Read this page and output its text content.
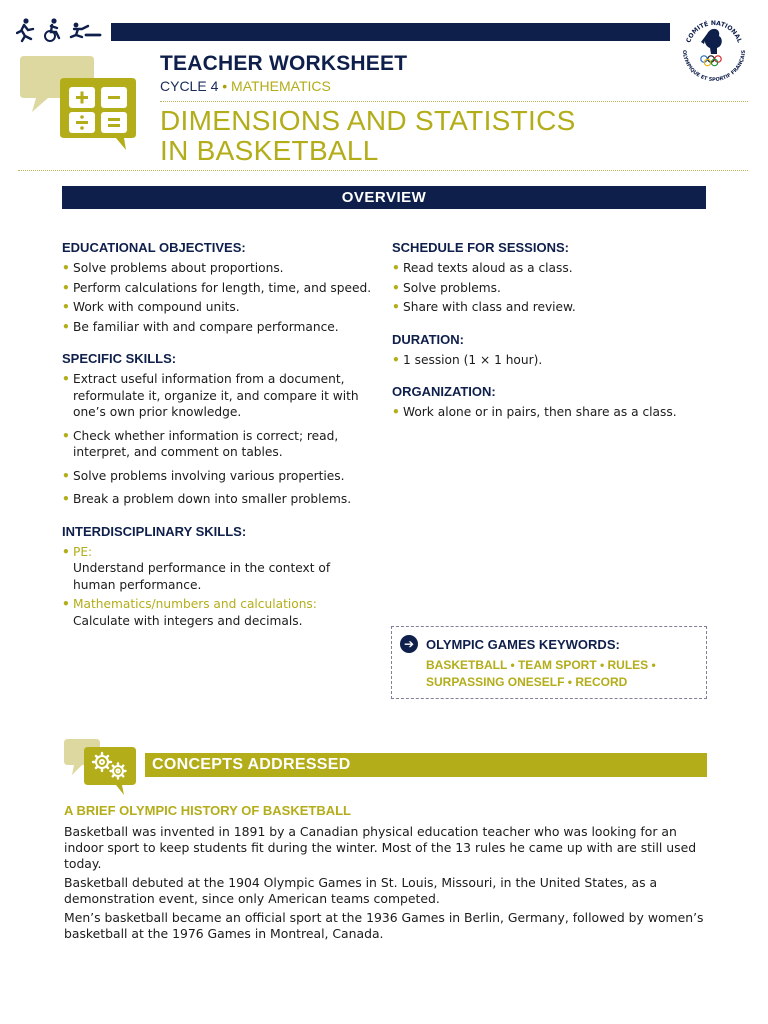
COMITÉ NATIONAL
OLYMPIQUE ET SPORTIF FRANÇAIS
TEACHER WORKSHEET
CYCLE 4 • MATHEMATICS
DIMENSIONS AND STATISTICS
IN BASKETBALL
OVERVIEW
EDUCATIONAL OBJECTIVES:
• Solve problems about proportions.
• Perform calculations for length, time, and speed.
• Work with compound units.
• Be familiar with and compare performance.
SPECIFIC SKILLS:
• Extract useful information from a document, reformulate it, organize it, and compare it with one’s own prior knowledge.
• Check whether information is correct; read, interpret, and comment on tables.
• Solve problems involving various properties.
• Break a problem down into smaller problems.
INTERDISCIPLINARY SKILLS:
• PE:
Understand performance in the context of human performance.
• Mathematics/numbers and calculations:
Calculate with integers and decimals.
SCHEDULE FOR SESSIONS:
• Read texts aloud as a class.
• Solve problems.
• Share with class and review.
DURATION:
• 1 session (1 × 1 hour).
ORGANIZATION:
• Work alone or in pairs, then share as a class.
➔ OLYMPIC GAMES KEYWORDS:
BASKETBALL • TEAM SPORT • RULES •
SURPASSING ONESELF • RECORD
CONCEPTS ADDRESSED
A BRIEF OLYMPIC HISTORY OF BASKETBALL

Basketball was invented in 1891 by a Canadian physical education teacher who was looking for an indoor sport to keep students fit during the winter. Most of the 13 rules he came up with are still used today.

Basketball debuted at the 1904 Olympic Games in St. Louis, Missouri, in the United States, as a demonstration event, since only American teams competed.

Men’s basketball became an official sport at the 1936 Games in Berlin, Germany, followed by women’s basketball at the 1976 Games in Montreal, Canada.
